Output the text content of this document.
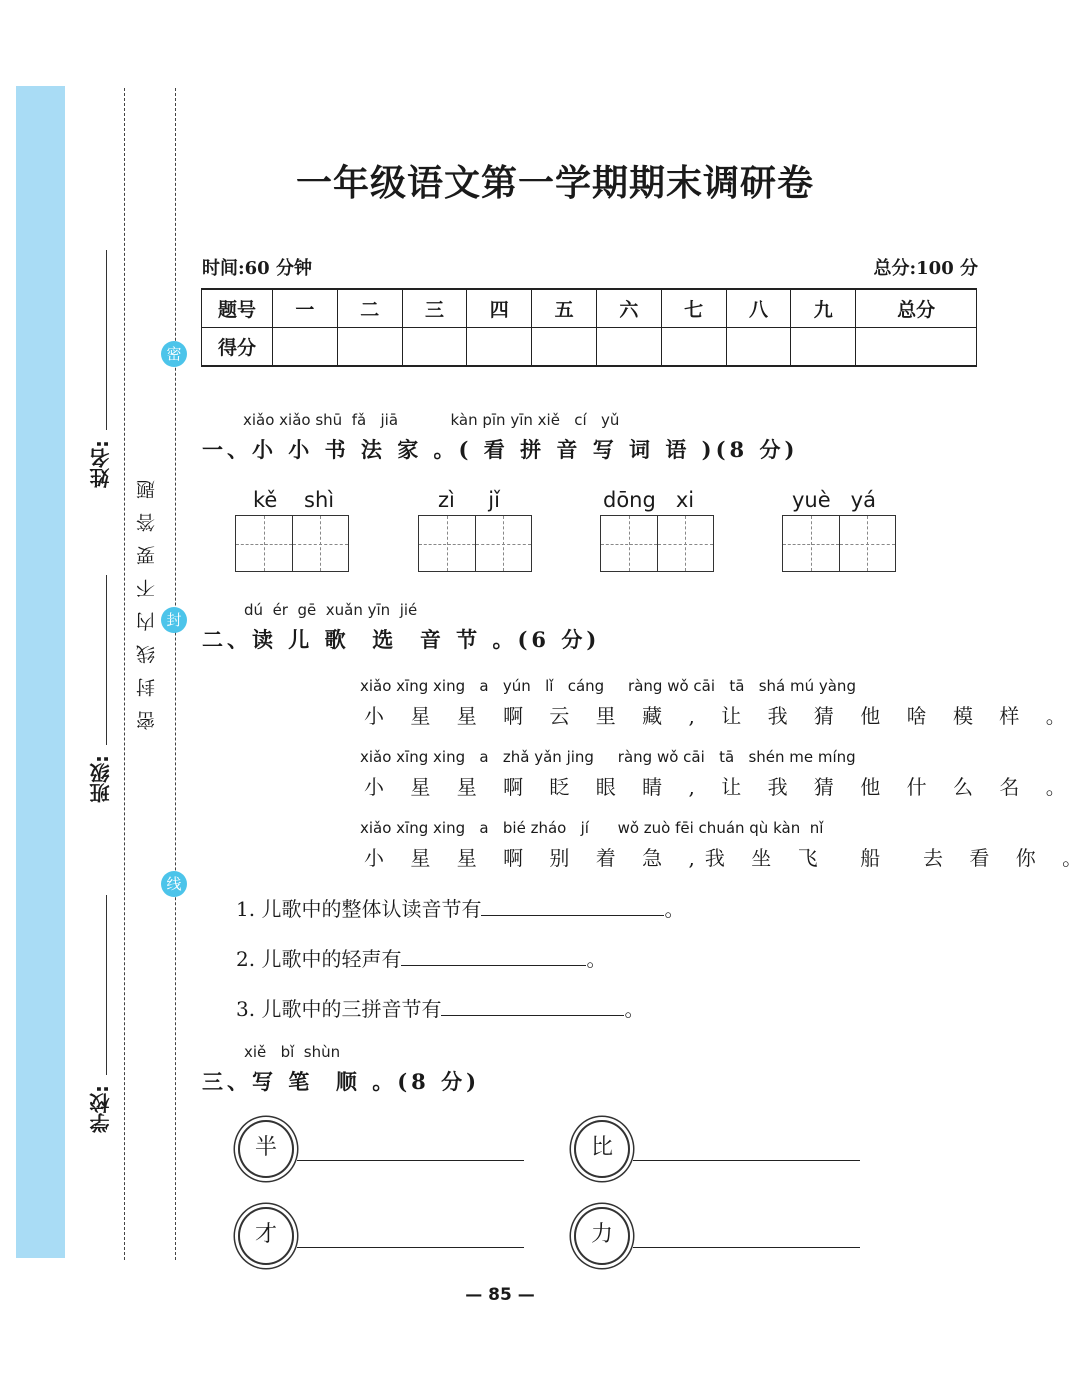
姓名:
班级:
学校:
密封线内不要答题
密
封
线
一年级语文第一学期期末调研卷
时间:60 分钟	总分:100 分
题号	一	二	三	四	五	六	七	八	九	总分
得分										
xiǎo xiǎo shū  fǎ   jiā           kàn pīn yīn xiě   cí   yǔ
一、小 小 书 法 家 。( 看 拼 音 写 词 语 )(8 分)
kě    shì	zì     jǐ	dōng   xi	yuè   yá
dú  ér  gē  xuǎn yīn  jié
二、读 儿 歌  选  音 节 。(6 分)
xiǎo xīng xing   a   yún   lǐ   cáng     ràng wǒ cāi   tā   shá mú yàng
小 星 星 啊 云 里 藏 , 让 我 猜 他 啥 模 样 。
xiǎo xīng xing   a   zhǎ yǎn jing     ràng wǒ cāi   tā   shén me míng
小 星 星 啊 眨 眼 睛 , 让 我 猜 他 什 么 名 。
xiǎo xīng xing   a   bié zháo   jí      wǒ zuò fēi chuán qù kàn  nǐ
小 星 星 啊 别 着 急 ,我 坐 飞  船  去 看 你 。
1. 儿歌中的整体认读音节有	。
2. 儿歌中的轻声有	。
3. 儿歌中的三拼音节有	。
xiě   bǐ  shùn
三、写 笔  顺 。(8 分)
半	比
才	力
— 85 —
